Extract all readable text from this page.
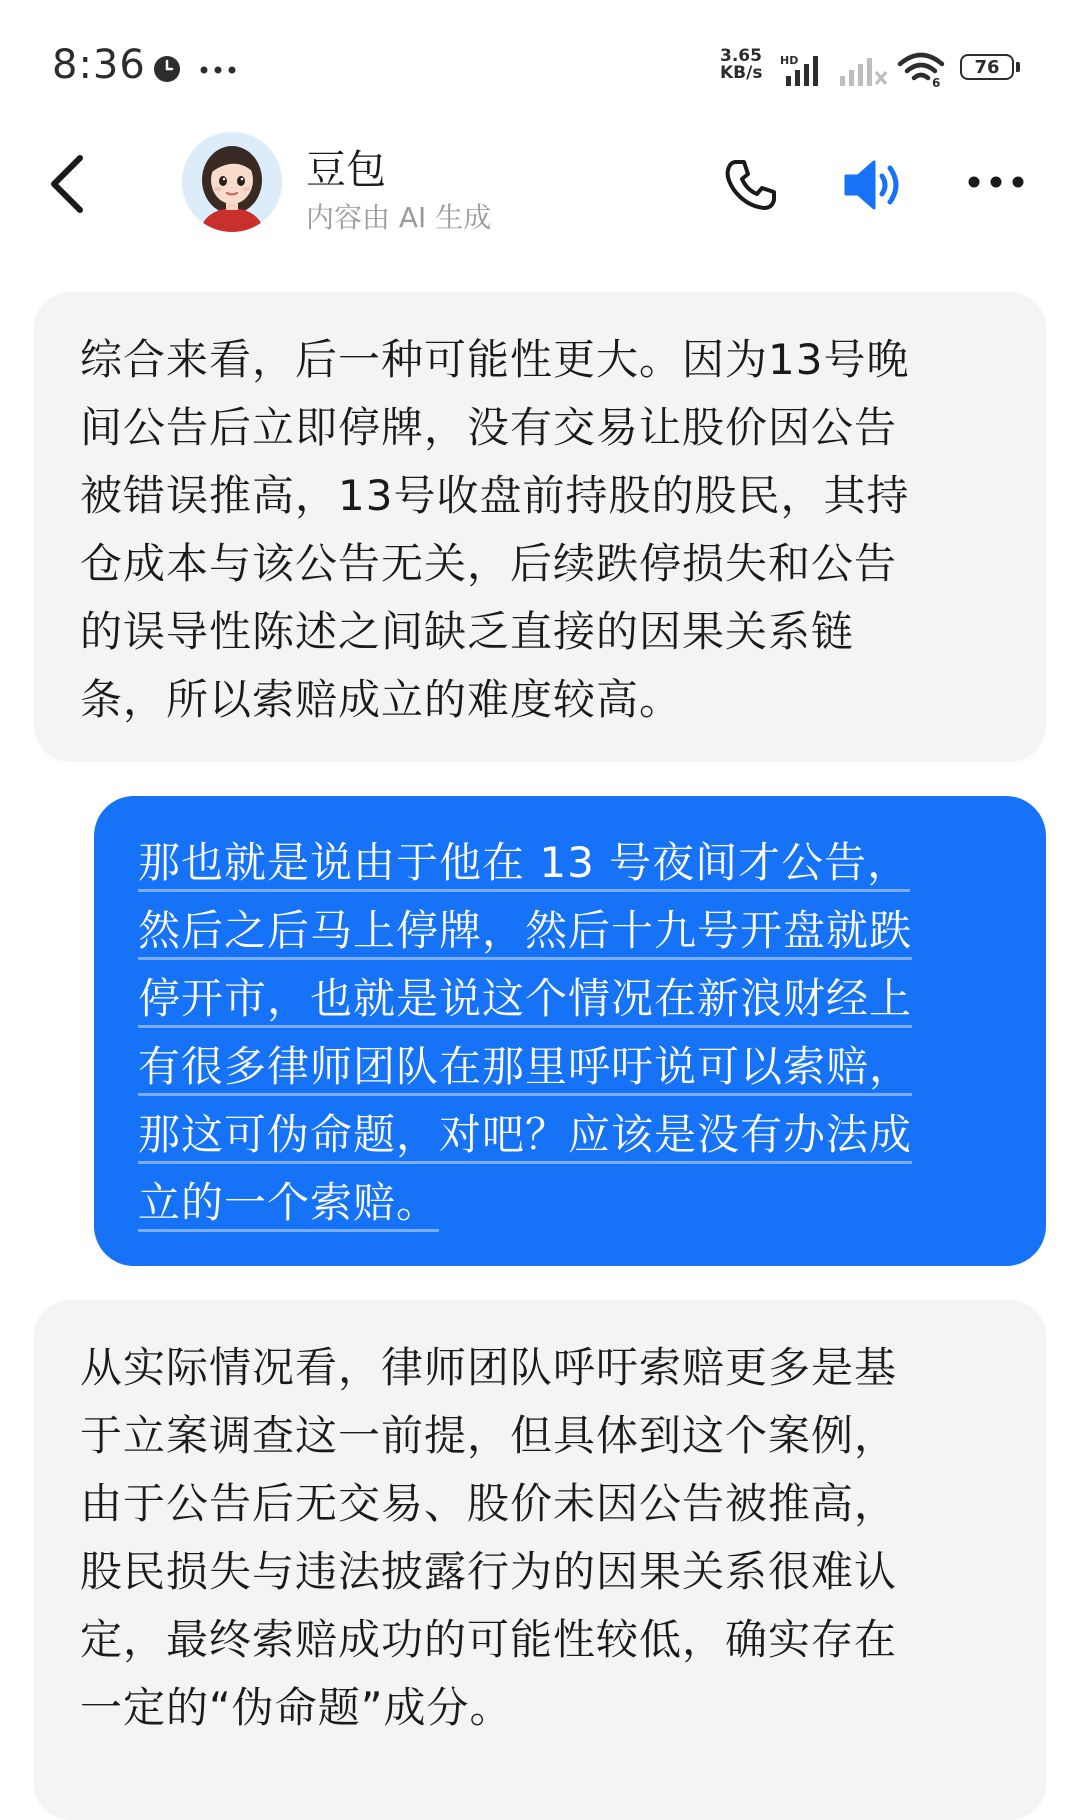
8:36	3.65
KB/s
HD
6
76
豆包
内容由 AI 生成
综合来看，后一种可能性更大。因为13号晚
间公告后立即停牌，没有交易让股价因公告
被错误推高，13号收盘前持股的股民，其持
仓成本与该公告无关，后续跌停损失和公告
的误导性陈述之间缺乏直接的因果关系链
条，所以索赔成立的难度较高。
那也就是说由于他在 13 号夜间才公告，
然后之后马上停牌，然后十九号开盘就跌
停开市，也就是说这个情况在新浪财经上
有很多律师团队在那里呼吁说可以索赔，
那这可伪命题，对吧？应该是没有办法成
立的一个索赔。
从实际情况看，律师团队呼吁索赔更多是基
于立案调查这一前提，但具体到这个案例，
由于公告后无交易、股价未因公告被推高，
股民损失与违法披露行为的因果关系很难认
定，最终索赔成功的可能性较低，确实存在
一定的“伪命题”成分。
